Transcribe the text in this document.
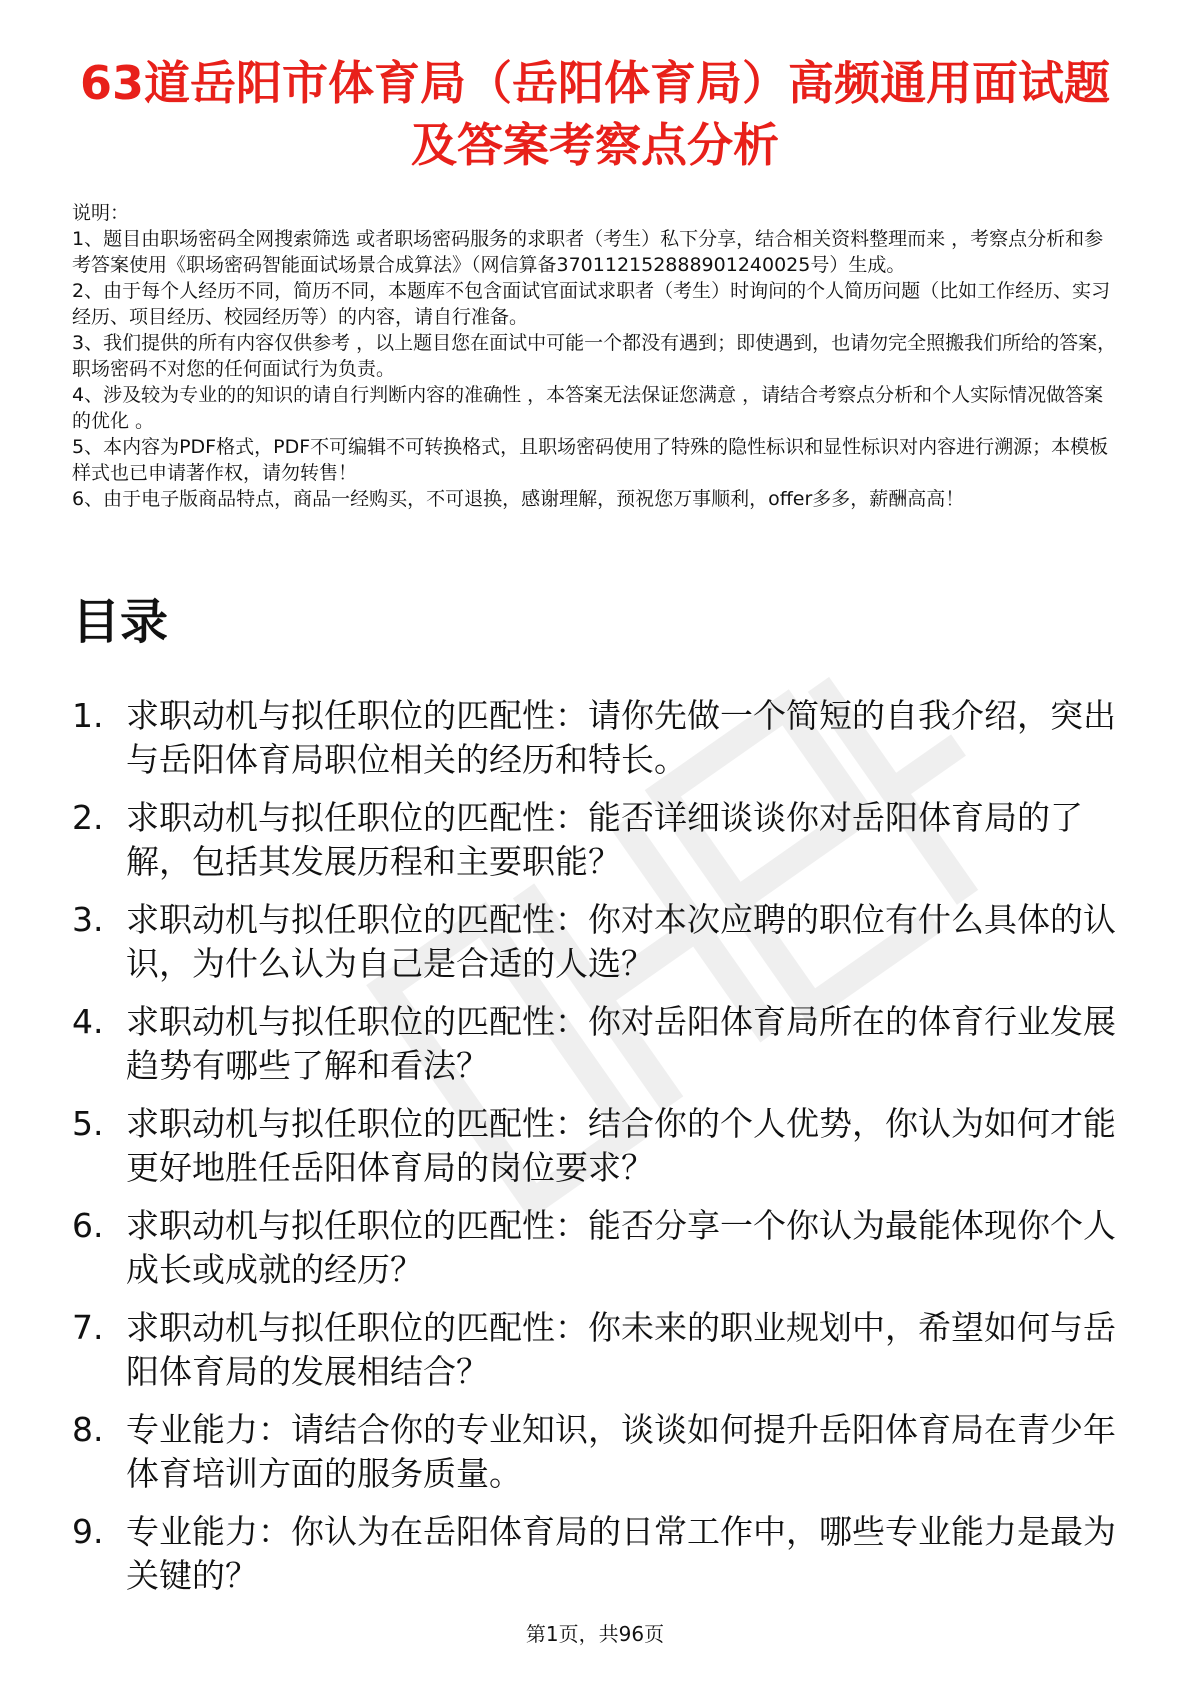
63道岳阳市体育局（岳阳体育局）高频通用面试题及答案考察点分析
说明：
1、题目由职场密码全网搜索筛选 或者职场密码服务的求职者（考生）私下分享，结合相关资料整理而来 ，考察点分析和参考答案使用《职场密码智能面试场景合成算法》（网信算备370112152888901240025号）生成。
2、由于每个人经历不同，简历不同，本题库不包含面试官面试求职者（考生）时询问的个人简历问题（比如工作经历、实习经历、项目经历、校园经历等）的内容，请自行准备。
3、我们提供的所有内容仅供参考 ，以上题目您在面试中可能一个都没有遇到；即使遇到，也请勿完全照搬我们所给的答案，职场密码不对您的任何面试行为负责。
4、涉及较为专业的的知识的请自行判断内容的准确性 ，本答案无法保证您满意 ，请结合考察点分析和个人实际情况做答案的优化 。
5、本内容为PDF格式，PDF不可编辑不可转换格式，且职场密码使用了特殊的隐性标识和显性标识对内容进行溯源；本模板样式也已申请著作权，请勿转售！
6、由于电子版商品特点，商品一经购买，不可退换，感谢理解，预祝您万事顺利，offer多多，薪酬高高！
目录
1. 求职动机与拟任职位的匹配性：请你先做一个简短的自我介绍，突出与岳阳体育局职位相关的经历和特长。
2. 求职动机与拟任职位的匹配性：能否详细谈谈你对岳阳体育局的了解，包括其发展历程和主要职能？
3. 求职动机与拟任职位的匹配性：你对本次应聘的职位有什么具体的认识，为什么认为自己是合适的人选？
4. 求职动机与拟任职位的匹配性：你对岳阳体育局所在的体育行业发展趋势有哪些了解和看法？
5. 求职动机与拟任职位的匹配性：结合你的个人优势，你认为如何才能更好地胜任岳阳体育局的岗位要求？
6. 求职动机与拟任职位的匹配性：能否分享一个你认为最能体现你个人成长或成就的经历？
7. 求职动机与拟任职位的匹配性：你未来的职业规划中，希望如何与岳阳体育局的发展相结合？
8. 专业能力：请结合你的专业知识，谈谈如何提升岳阳体育局在青少年体育培训方面的服务质量。
9. 专业能力：你认为在岳阳体育局的日常工作中，哪些专业能力是最为关键的？
第1页，共96页
